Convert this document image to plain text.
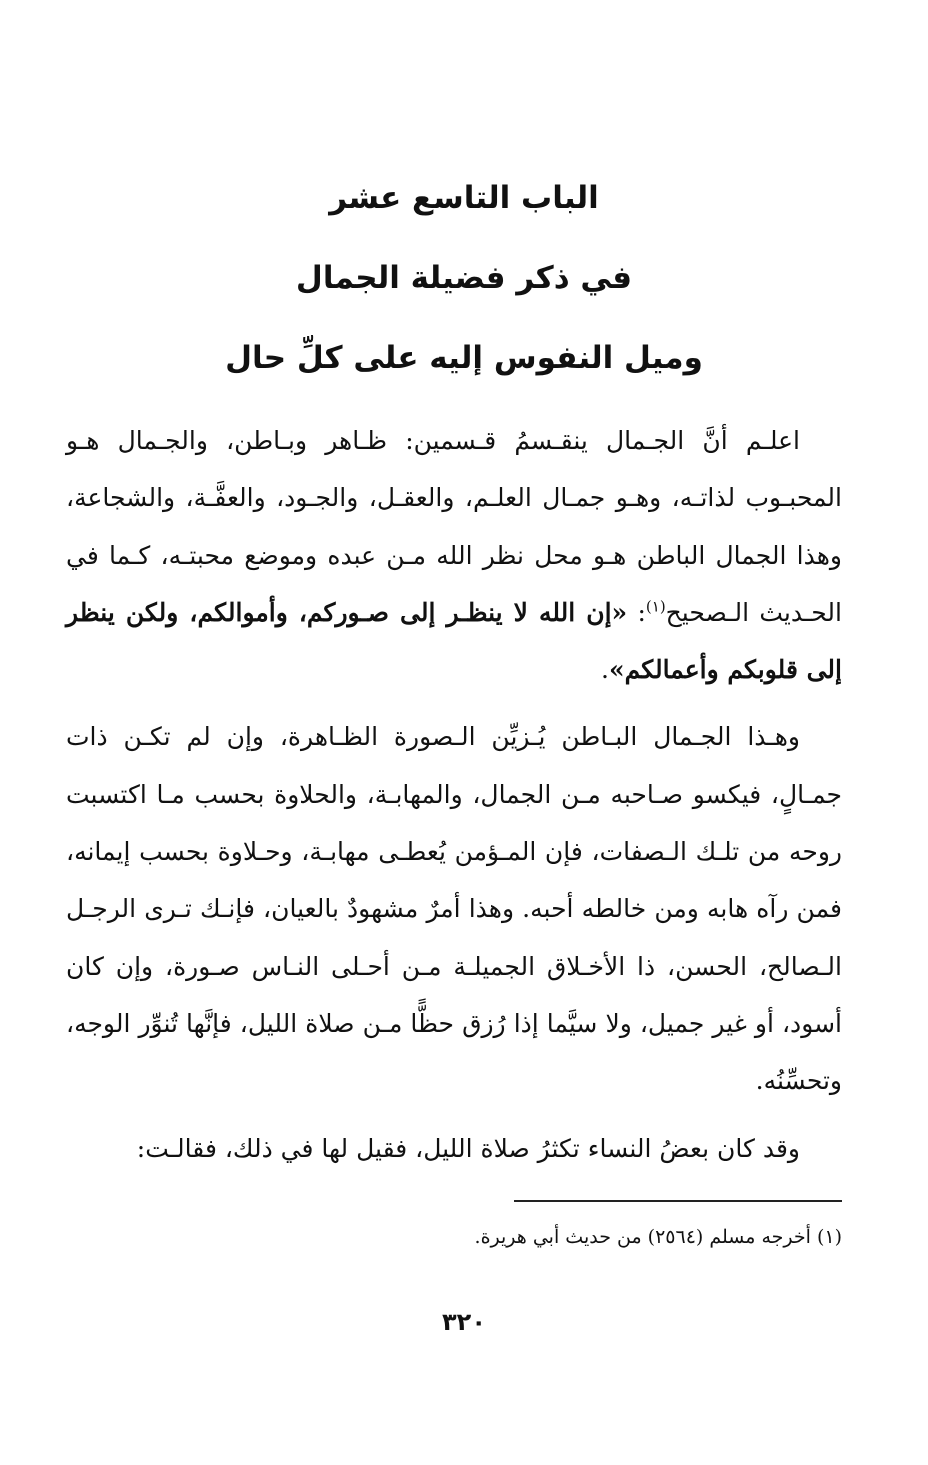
الباب التاسع عشر
في ذكر فضيلة الجمال
وميل النفوس إليه على كلِّ حال

اعلـم أنَّ الجـمال ينقـسمُ قـسمين: ظـاهر وبـاطن، والجـمال هـو المحبـوب لذاتـه، وهـو جمـال العلـم، والعقـل، والجـود، والعفَّـة، والشجاعة، وهذا الجمال الباطن هـو محل نظر الله مـن عبده وموضع محبتـه، كـما في الحـديث الـصحيح$^{(١)}$: «إن الله لا ينظـر إلى صـوركم، وأموالكم، ولكن ينظر إلى قلوبكم وأعمالكم».

وهـذا الجـمال البـاطن يُـزيِّن الـصورة الظـاهرة، وإن لم تكـن ذات جمـالٍ، فيكسو صـاحبه مـن الجمال، والمهابـة، والحلاوة بحسب مـا اكتسبت روحه من تلـك الـصفات، فإن المـؤمن يُعطـى مهابـة، وحـلاوة بحسب إيمانه، فمن رآه هابه ومن خالطه أحبه. وهذا أمرٌ مشهودٌ بالعيان، فإنـك تـرى الرجـل الـصالح، الحسن، ذا الأخـلاق الجميلـة مـن أحـلى النـاس صـورة، وإن كان أسود، أو غير جميل، ولا سيَّما إذا رُزق حظًّا مـن صلاة الليل، فإنَّها تُنوِّر الوجه، وتحسِّنُه.

وقد كان بعضُ النساء تكثرُ صلاة الليل، فقيل لها في ذلك، فقالـت:

(١) أخرجه مسلم (٢٥٦٤) من حديث أبي هريرة.
٣٢٠
